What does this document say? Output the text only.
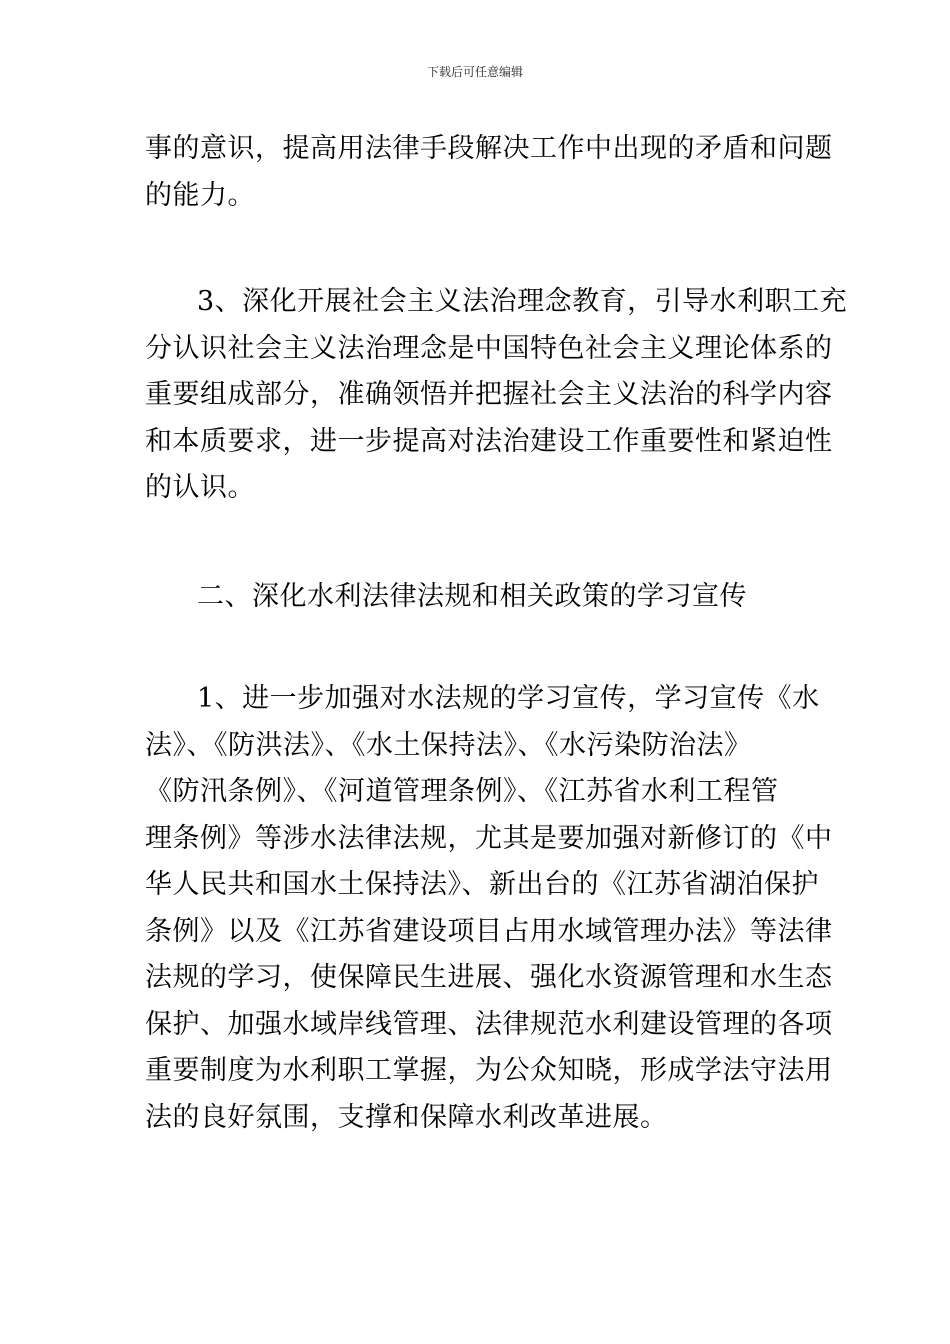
下载后可任意编辑
事的意识，提高用法律手段解决工作中出现的矛盾和问题
的能力。
3、深化开展社会主义法治理念教育，引导水利职工充
分认识社会主义法治理念是中国特色社会主义理论体系的
重要组成部分，准确领悟并把握社会主义法治的科学内容
和本质要求，进一步提高对法治建设工作重要性和紧迫性
的认识。
二、深化水利法律法规和相关政策的学习宣传
1、进一步加强对水法规的学习宣传，学习宣传《水
法》、《防洪法》、《水土保持法》、《水污染防治法》
《防汛条例》、《河道管理条例》、《江苏省水利工程管
理条例》等涉水法律法规，尤其是要加强对新修订的《中
华人民共和国水土保持法》、新出台的《江苏省湖泊保护
条例》以及《江苏省建设项目占用水域管理办法》等法律
法规的学习，使保障民生进展、强化水资源管理和水生态
保护、加强水域岸线管理、法律规范水利建设管理的各项
重要制度为水利职工掌握，为公众知晓，形成学法守法用
法的良好氛围，支撑和保障水利改革进展。
